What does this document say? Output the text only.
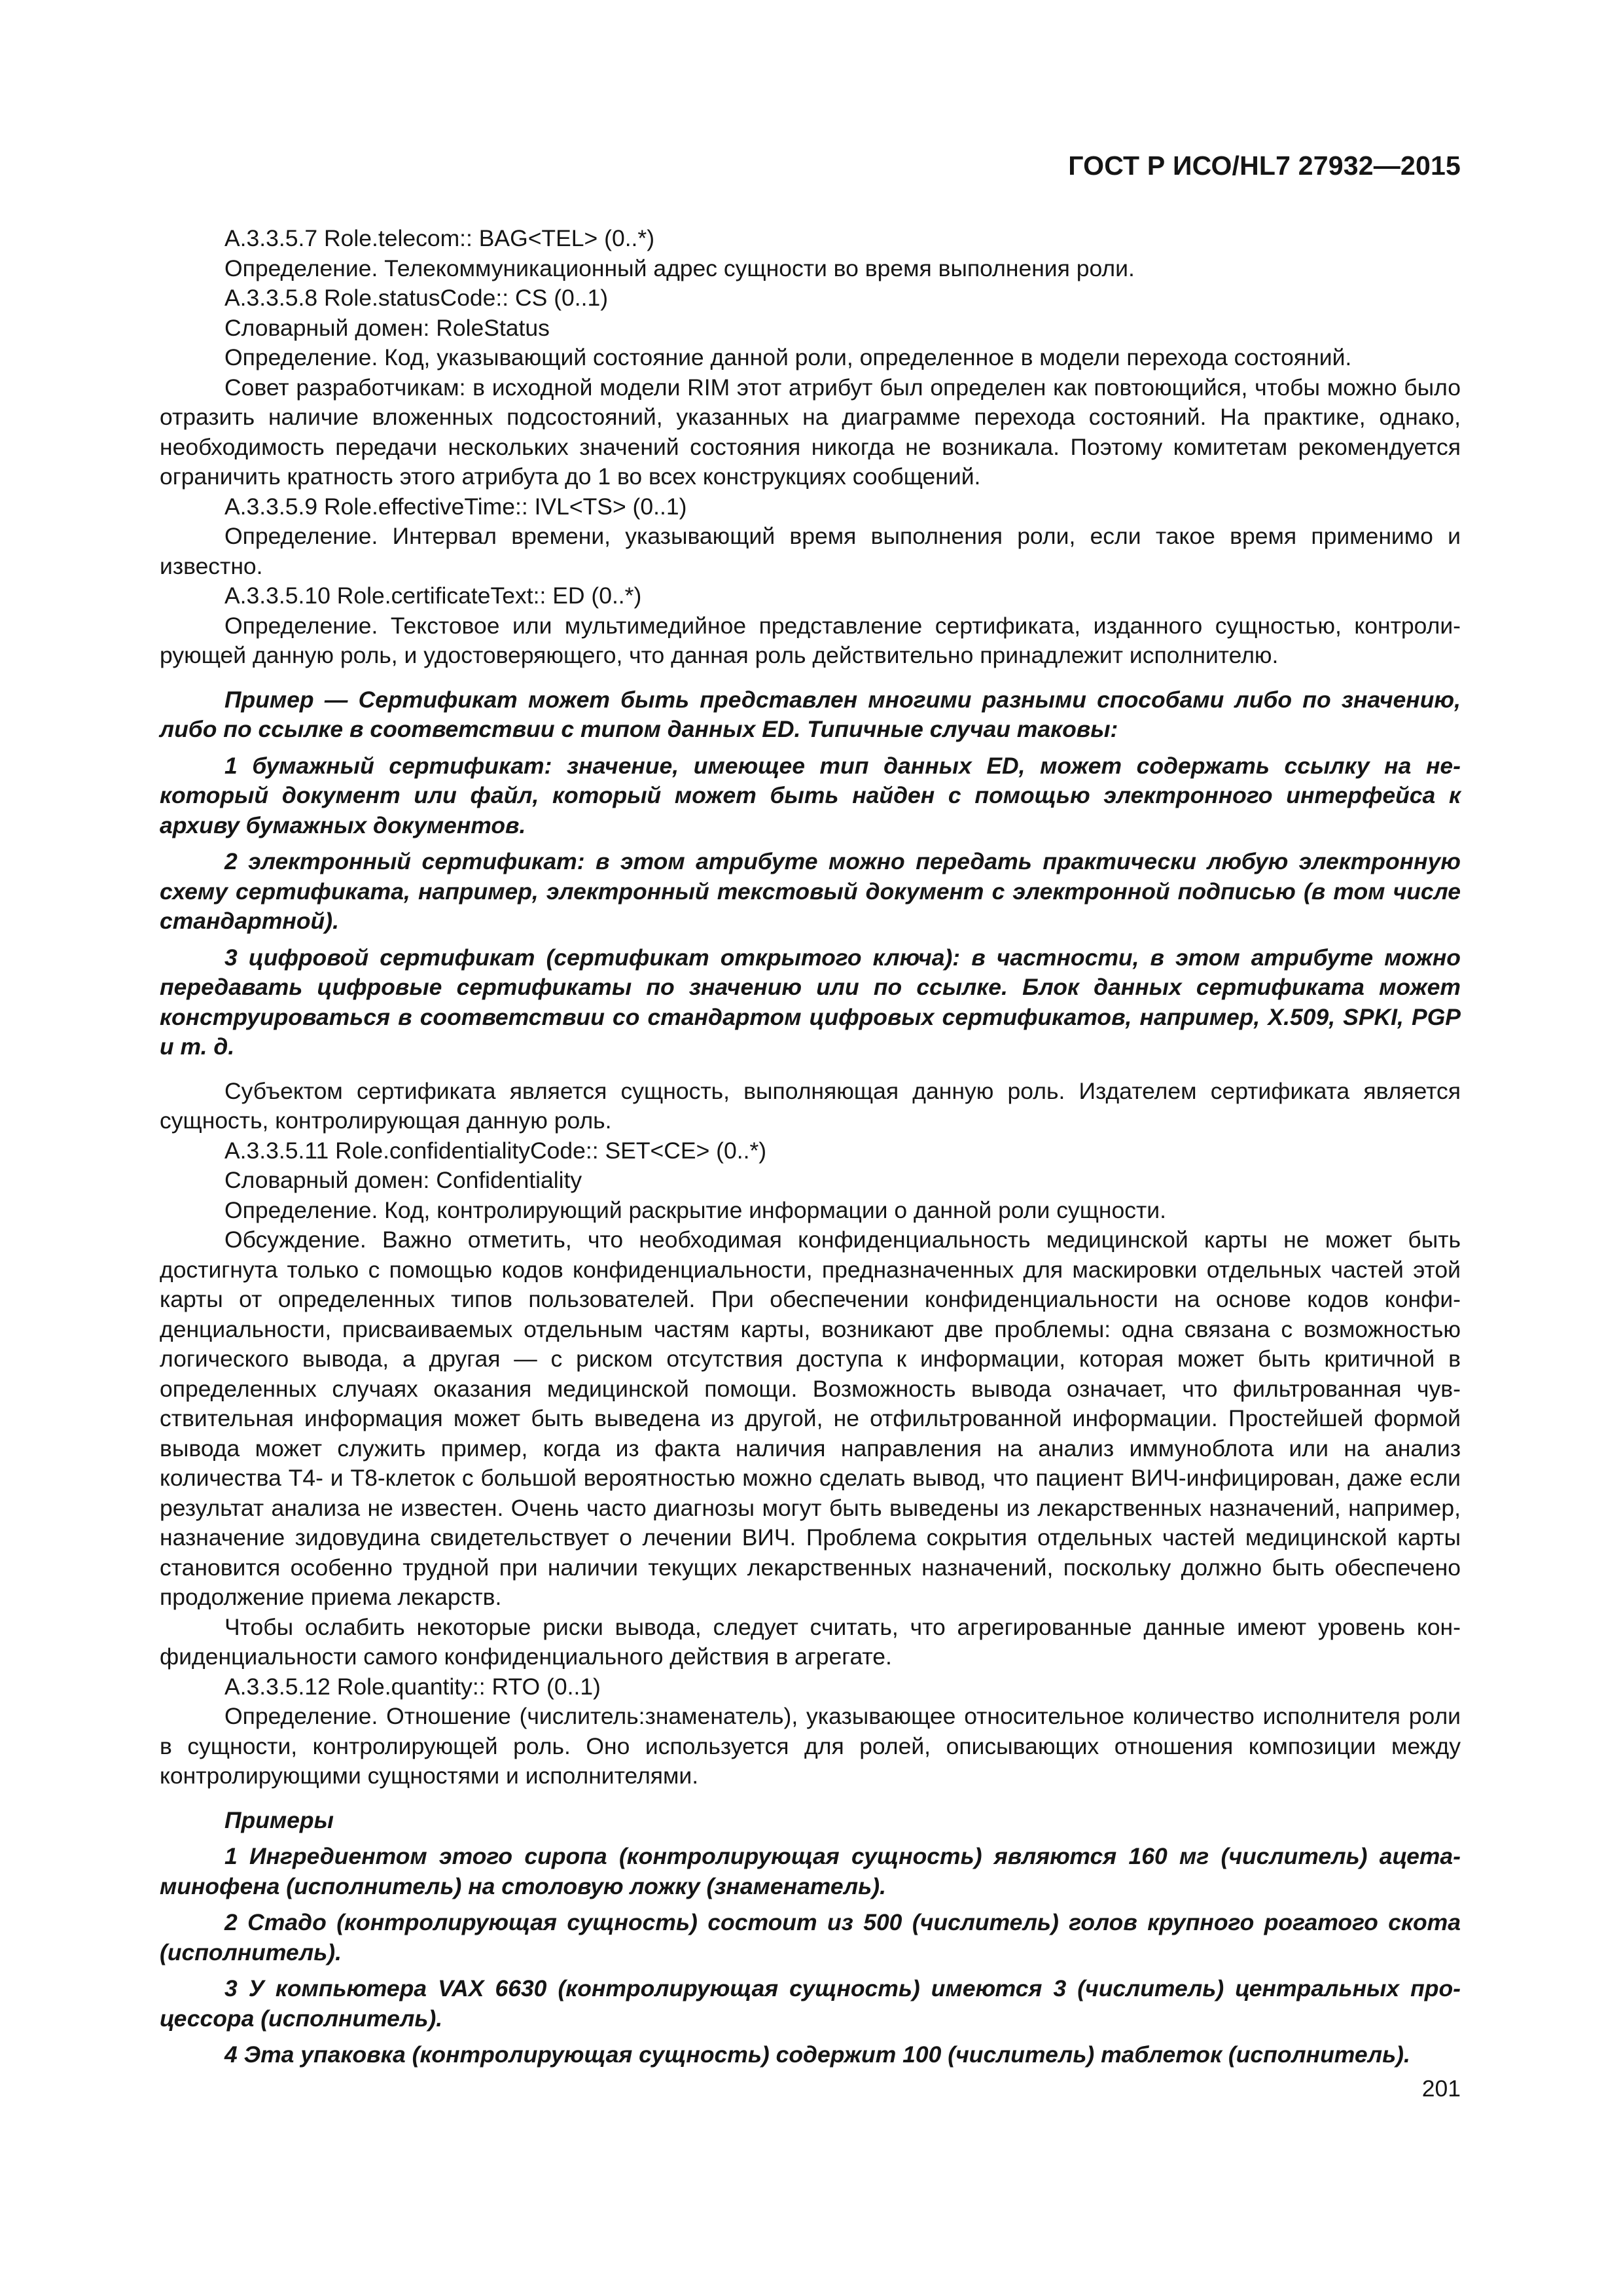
ГОСТ Р ИСО/HL7 27932—2015

A.3.3.5.7 Role.telecom:: BAG<TEL> (0..*)

Определение. Телекоммуникационный адрес сущности во время выполнения роли.

A.3.3.5.8 Role.statusCode:: CS (0..1)

Словарный домен: RoleStatus

Определение. Код, указывающий состояние данной роли, определенное в модели перехода состояний.

Совет разработчикам: в исходной модели RIM этот атрибут был определен как повтоющийся, чтобы можно было отразить наличие вложенных подсостояний, указанных на диаграмме перехода состояний. На практике, однако, необходимость передачи нескольких значений состояния никогда не возникала. Поэтому комитетам рекомендуется ограничить кратность этого атрибута до 1 во всех конструкциях сообщений.

A.3.3.5.9 Role.effectiveTime:: IVL<TS> (0..1)

Определение. Интервал времени, указывающий время выполнения роли, если такое время применимо и известно.

A.3.3.5.10 Role.certificateText:: ED (0..*)

Определение. Текстовое или мультимедийное представление сертификата, изданного сущностью, контролирующей данную роль, и удостоверяющего, что данная роль действительно принадлежит исполнителю.

Пример — Сертификат может быть представлен многими разными способами либо по значению, либо по ссылке в соответствии с типом данных ED. Типичные случаи таковы:

1 бумажный сертификат: значение, имеющее тип данных ED, может содержать ссылку на некоторый документ или файл, который может быть найден с помощью электронного интерфейса к архиву бумажных документов.

2 электронный сертификат: в этом атрибуте можно передать практически любую электронную схему сертификата, например, электронный текстовый документ с электронной подписью (в том числе стандартной).

3 цифровой сертификат (сертификат открытого ключа): в частности, в этом атрибуте можно передавать цифровые сертификаты по значению или по ссылке. Блок данных сертификата может конструироваться в соответствии со стандартом цифровых сертификатов, например, X.509, SPKI, PGP и т. д.

Субъектом сертификата является сущность, выполняющая данную роль. Издателем сертификата является сущность, контролирующая данную роль.

A.3.3.5.11 Role.confidentialityCode:: SET<CE> (0..*)

Словарный домен: Confidentiality

Определение. Код, контролирующий раскрытие информации о данной роли сущности.

Обсуждение. Важно отметить, что необходимая конфиденциальность медицинской карты не может быть достигнута только с помощью кодов конфиденциальности, предназначенных для маскировки отдельных частей этой карты от определенных типов пользователей. При обеспечении конфиденциальности на основе кодов конфиденциальности, присваиваемых отдельным частям карты, возникают две проблемы: одна связана с возможностью логического вывода, а другая — с риском отсутствия доступа к информации, которая может быть критичной в определенных случаях оказания медицинской помощи. Возможность вывода означает, что фильтрованная чувствительная информация может быть выведена из другой, не отфильтрованной информации. Простейшей формой вывода может служить пример, когда из факта наличия направления на анализ иммуноблота или на анализ количества Т4- и Т8-клеток с большой вероятностью можно сделать вывод, что пациент ВИЧ-инфицирован, даже если результат анализа не известен. Очень часто диагнозы могут быть выведены из лекарственных назначений, например, назначение зидовудина свидетельствует о лечении ВИЧ. Проблема сокрытия отдельных частей медицинской карты становится особенно трудной при наличии текущих лекарственных назначений, поскольку должно быть обеспечено продолжение приема лекарств.

Чтобы ослабить некоторые риски вывода, следует считать, что агрегированные данные имеют уровень конфиденциальности самого конфиденциального действия в агрегате.

A.3.3.5.12 Role.quantity:: RTO (0..1)

Определение. Отношение (числитель:знаменатель), указывающее относительное количество исполнителя роли в сущности, контролирующей роль. Оно используется для ролей, описывающих отношения композиции между контролирующими сущностями и исполнителями.

Примеры

1 Ингредиентом этого сиропа (контролирующая сущность) являются 160 мг (числитель) ацетаминофена (исполнитель) на столовую ложку (знаменатель).

2 Стадо (контролирующая сущность) состоит из 500 (числитель) голов крупного рогатого скота (исполнитель).

3 У компьютера VAX 6630 (контролирующая сущность) имеются 3 (числитель) центральных процессора (исполнитель).

4 Эта упаковка (контролирующая сущность) содержит 100 (числитель) таблеток (исполнитель).

201
